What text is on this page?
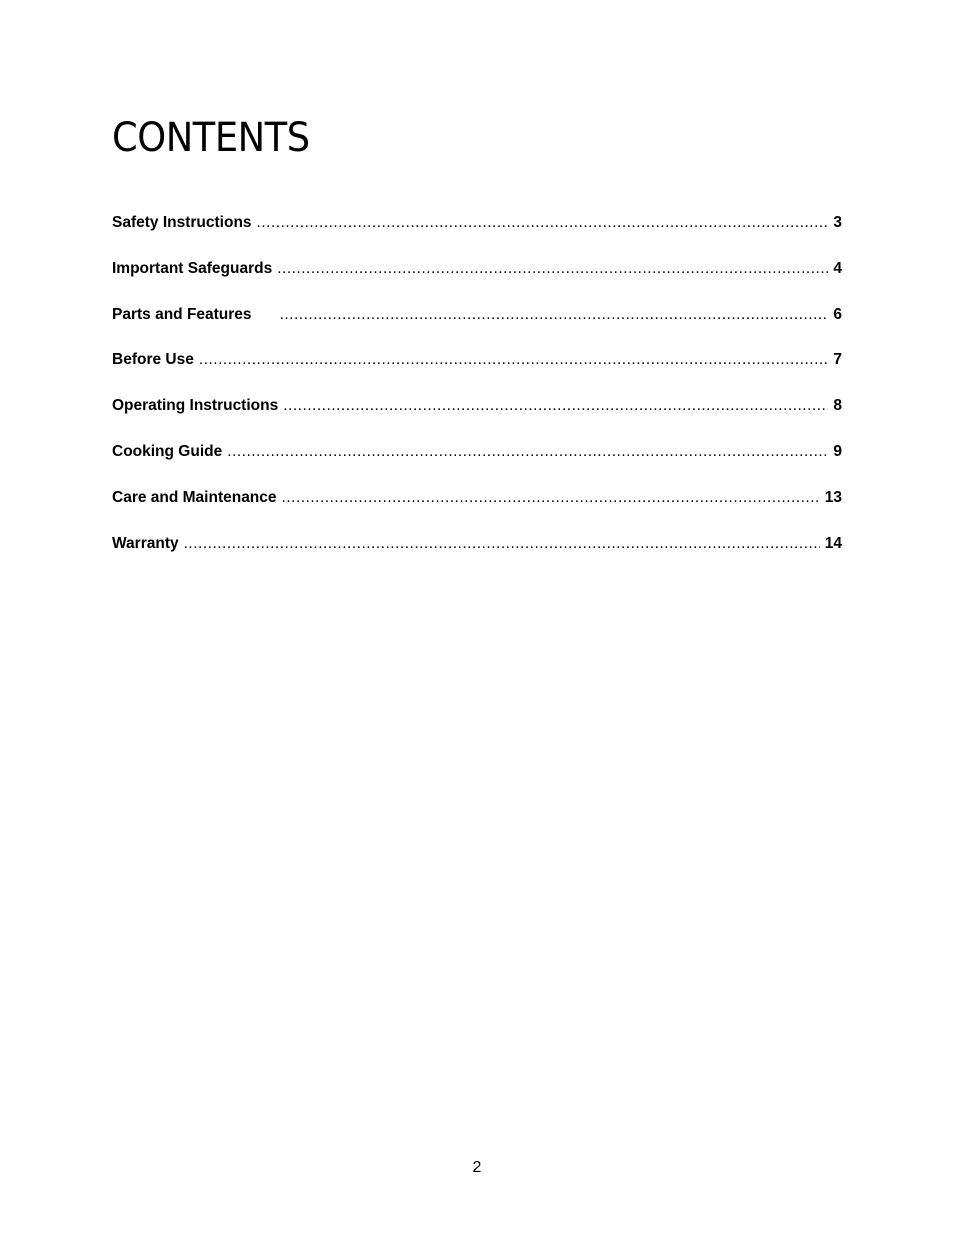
CONTENTS
Safety Instructions .....	3
Important Safeguards .....	4
Parts and Features .....	6
Before Use .....	7
Operating Instructions .....	8
Cooking Guide .....	9
Care and Maintenance .....	13
Warranty .....	14
2
